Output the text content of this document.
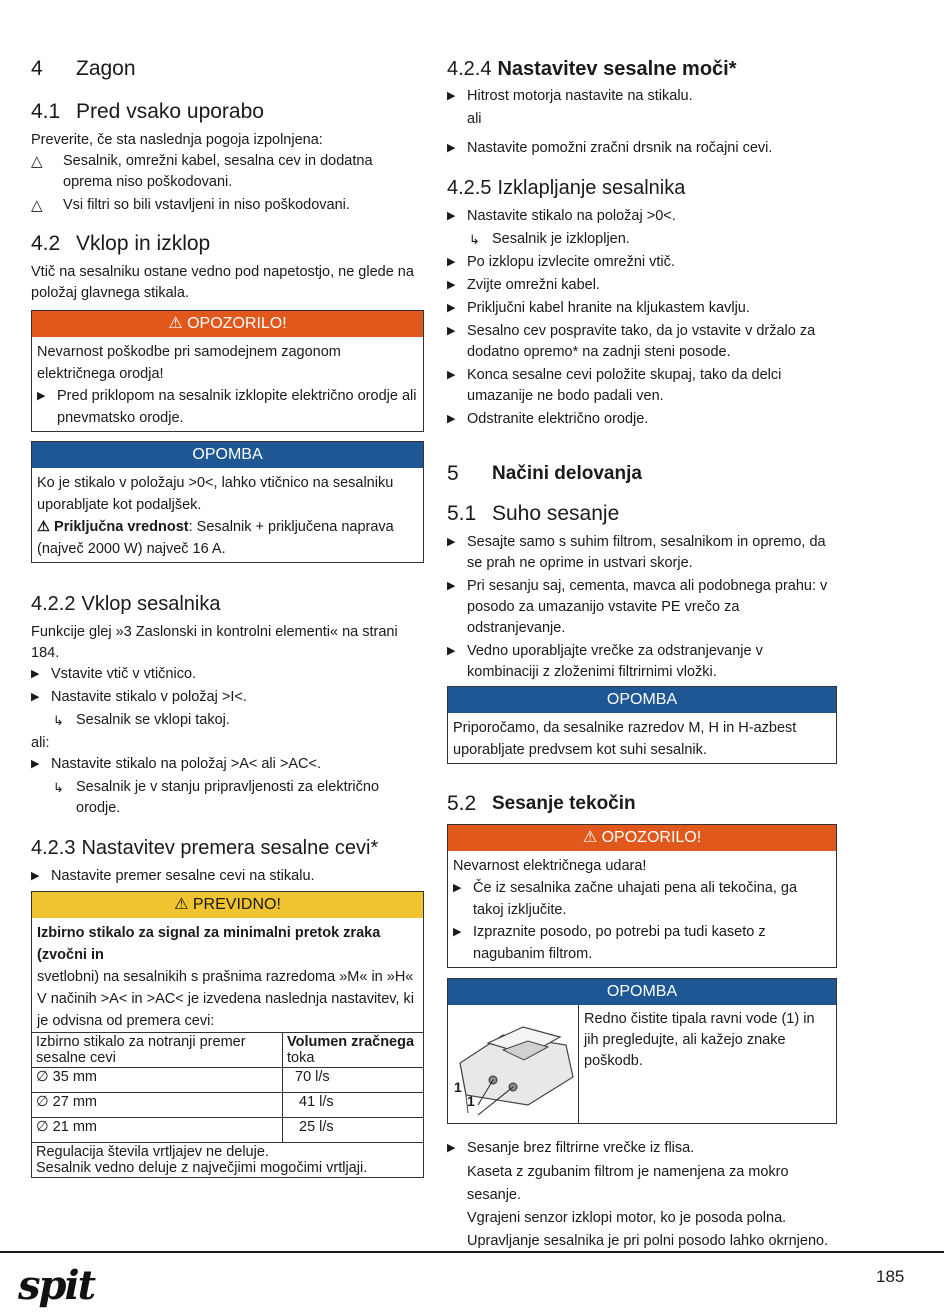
4	Zagon
4.1 Pred vsako uporabo

Preverite, če sta naslednja pogoja izpolnjena:

△ Sesalnik, omrežni kabel, sesalna cev in dodatna oprema niso poškodovani.
△ Vsi filtri so bili vstavljeni in niso poškodovani.
4.2 Vklop in izklop

Vtič na sesalniku ostane vedno pod napetostjo, ne glede na položaj glavnega stikala.

⚠ OPOZORILO!

Nevarnost poškodbe pri samodejnem zagonom električnega orodja!

▶ Pred priklopom na sesalnik izklopite električno orodje ali pnevmatsko orodje.
OPOMBA

Ko je stikalo v položaju >0<, lahko vtičnico na sesalniku uporabljate kot podaljšek.

⚠ Priključna vrednost: Sesalnik + priključena naprava (največ 2000 W) največ 16 A.

4.2.2 Vklop sesalnika

Funkcije glej »3 Zaslonski in kontrolni elementi« na strani 184.

▶ Vstavite vtič v vtičnico.
▶ Nastavite stikalo v položaj >I<.
↳ Sesalnik se vklopi takoj.

ali:

▶ Nastavite stikalo na položaj >A< ali >AC<.
↳ Sesalnik je v stanju pripravljenosti za električno orodje.
4.2.3 Nastavitev premera sesalne cevi*
▶ Nastavite premer sesalne cevi na stikalu.
⚠ PREVIDNO!

Izbirno stikalo za signal za minimalni pretok zraka (zvočni in

svetlobni) na sesalnikih s prašnima razredoma »M« in »H«

V načinih >A< in >AC< je izvedena naslednja nastavitev, ki je odvisna od premera cevi:

Izbirno stikalo za notranji premer sesalne cevi	Volumen zračnega
toka
∅ 35 mm	70 l/s
∅ 27 mm	41 l/s
∅ 21 mm	25 l/s
Regulacija števila vrtljajev ne deluje.
Sesalnik vedno deluje z največjimi mogočimi vrtljaji.	
4.2.4 Nastavitev sesalne moči*
▶ Hitrost motorja nastavite na stikalu.

ali

▶ Nastavite pomožni zračni drsnik na ročajni cevi.
4.2.5 Izklapljanje sesalnika
▶ Nastavite stikalo na položaj >0<.
↳ Sesalnik je izklopljen.
▶ Po izklopu izvlecite omrežni vtič.
▶ Zvijte omrežni kabel.
▶ Priključni kabel hranite na kljukastem kavlju.
▶ Sesalno cev pospravite tako, da jo vstavite v držalo za dodatno opremo* na zadnji steni posode.
▶ Konca sesalne cevi položite skupaj, tako da delci umazanije ne bodo padali ven.
▶ Odstranite električno orodje.
5	Načini delovanja
5.1 Suho sesanje
▶ Sesajte samo s suhim filtrom, sesalnikom in opremo, da se prah ne oprime in ustvari skorje.
▶ Pri sesanju saj, cementa, mavca ali podobnega prahu: v posodo za umazanijo vstavite PE vrečo za odstranjevanje.
▶ Vedno uporabljajte vrečke za odstranjevanje v kombinaciji z zloženimi filtrirnimi vložki.
OPOMBA

Priporočamo, da sesalnike razredov M, H in H-azbest uporabljate predvsem kot suhi sesalnik.

5.2 Sesanje tekočin
⚠ OPOZORILO!

Nevarnost električnega udara!

▶ Če iz sesalnika začne uhajati pena ali tekočina, ga takoj izključite.
▶ Izpraznite posodo, po potrebi pa tudi kaseto z nagubanim filtrom.
OPOMBA
1
1

Redno čistite tipala ravni vode (1) in jih pregledujte, ali kažejo znake poškodb.

▶ Sesanje brez filtrirne vrečke iz flisa.

Kaseta z zgubanim filtrom je namenjena za mokro sesanje.

Vgrajeni senzor izklopi motor, ko je posoda polna. Upravljanje sesalnika je pri polni posodo lahko okrnjeno.

spit	185
